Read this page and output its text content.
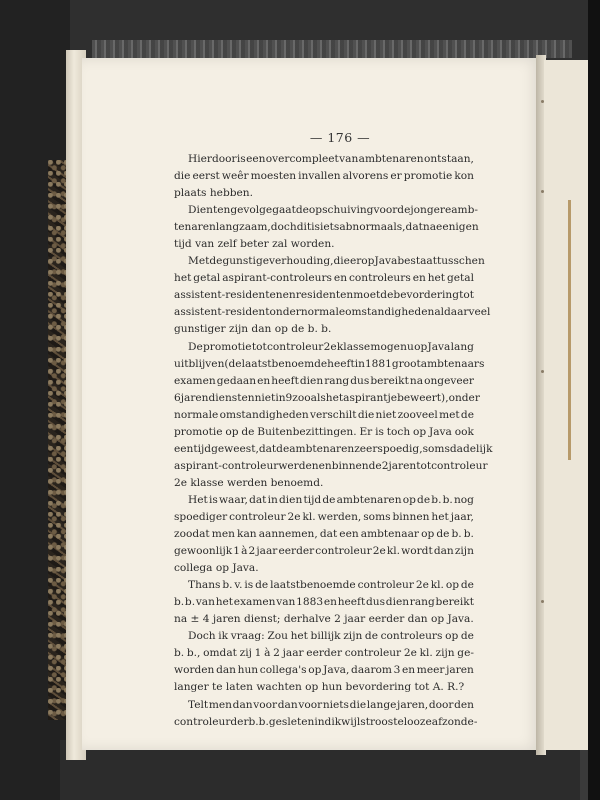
— 176 —
Hierdoor is een overcompleet van ambtenaren ontstaan,
die eerst weêr moesten invallen alvorens er promotie kon
plaats hebben.
Dientengevolge gaat de opschuiving voor de jongere amb-
tenaren langzaam, doch dit is iets abnormaals, dat na eenigen
tijd van zelf beter zal worden.
Met de gunstige verhouding, die er op Java bestaat tusschen
het getal aspirant-controleurs en controleurs en het getal
assistent-residenten en residenten moet de bevordering tot
assistent-resident onder normale omstandigheden aldaar veel
gunstiger zijn dan op de b. b.
De promotie tot controleur 2e klasse moge nu op Java lang
uitblijven (de laatstbenoemde heeft in 1881 groot ambtenaars
examen gedaan en heeft dien rang dus bereikt na ongeveer
6 jaren dienst en niet in 9 zooals het aspirantje beweert), onder
normale omstandigheden verschilt die niet zooveel met de
promotie op de Buitenbezittingen. Er is toch op Java ook
een tijd geweest, dat de ambtenaren zeer spoedig, soms dadelijk
aspirant-controleur werden en binnen de 2 jaren tot controleur
2e klasse werden benoemd.
Het is waar, dat in dien tijd de ambtenaren op de b. b. nog
spoediger controleur 2e kl. werden, soms binnen het jaar,
zoodat men kan aannemen, dat een ambtenaar op de b. b.
gewoonlijk 1 à 2 jaar eerder controleur 2e kl. wordt dan zijn
collega op Java.
Thans b. v. is de laatstbenoemde controleur 2e kl. op de
b. b. van het examen van 1883 en heeft dus dien rang bereikt
na ± 4 jaren dienst; derhalve 2 jaar eerder dan op Java.
Doch ik vraag: Zou het billijk zijn de controleurs op de
b. b., omdat zij 1 à 2 jaar eerder controleur 2e kl. zijn ge-
worden dan hun collega's op Java, daarom 3 en meer jaren
langer te laten wachten op hun bevordering tot A. R.?
Telt men dan voor dan voor niets die lange jaren, door den
controleur der b. b. gesleten in dikwijls troostelooze afzonde-
